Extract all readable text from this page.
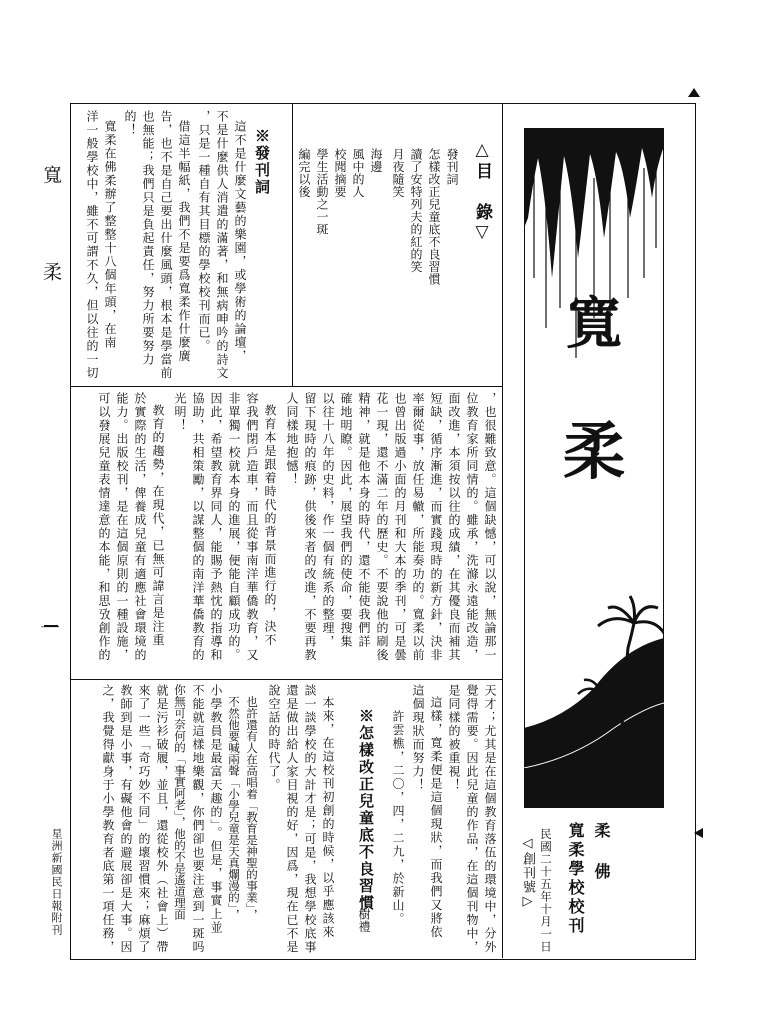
寬 柔
一
星洲新國民日報附刊
寬
柔
柔 佛
寬柔學校校刊
民國二十五年十月一日
◁創刊號▷
△目 錄▽
發刊詞
怎樣改正兒童底不良習慣
讀了安特列夫的紅的笑
月夜隨笑
海邊
風中的人
校聞摘要
學生活動之一斑
編完以後
※發刊詞
這不是什麼文藝的樂園，或學術的論壇，
不是什麼供人消遣的滿著，和無病呻吟的詩文
，只是一種自有其目標的學校校刊而已。
借這半幅紙，我們不是要爲寬柔作什麼廣
告，也不是自己要出什麼風頭，根本是學當前
也無能；我們只是負起責任，努力所要努力
的！
寬柔在佛柔辦了整整十八個年頭，在南
洋一般學校中，雖不可謂不久，但以往的一切
，也很難致意。這個缺憾，可以說，無論那一
位教育家所同情的。雖承，洗滌永遠能改造，
面改進，本須按以往的成績，在其優良而補其
短缺，循序漸進，而實踐現時的新方針，決非
率爾從事，放任易轍，所能奏功的。寬柔以前
也曾出版過小面的月刊和大本的季刊，可是曇
花一現，還不滿二年的歷史。不要說他的刷後
精神，就是他本身的時代，還不能使我們詳
確地明瞭。因此，展望我們的使命，要搜集
以往十八年的史料，作一個有統系的整理，
留下現時的痕跡，供後來者的改進，不要再教
人同樣地抱憾！
教育本是跟着時代的背景而進行的，決不
容我們閉戶造車，而且從事南洋華僑教育，又
非單獨一校就本身的進展，便能自顧成功的。
因此，希望教育界同人，能賜予熱忱的指導和
協助，共相策勵，以謀整個的南洋華僑教育的
光明！
教育的趨勢，在現代，已無可諱言是注重
於實際的生活，俾養成兒童有適應社會環境的
能力。出版校刊，是在這個原則的一種設施，
可以發展兒童表情達意的本能，和思攷創作的
天才；尤其是在這個教育落伍的環境中，分外
覺得需要。因此兒童的作品，在這個刊物中，
是同樣的被重視！
這樣，寬柔便是這個現狀，而我們又將依
這個現狀而努力！
許雲樵，二〇，四，二九，於新山。
※怎樣改正兒童底不良習慣
樹禮
本來，在這校刊初創的時候，以乎應該來
談一談學校的大計才是；可是，我想學校底事
還是做出給人家目視的好，因爲，現在已不是
說空話的時代了。
也許還有人在高唱着「教育是神聖的事業」，
不然他要喊兩聲「小學兒童是天真爛漫的」，
小學教員是最富天趣的」。但是，事實上並
不能就這樣地樂觀，你們卻也要注意到一斑吗
你無可奈何的「事實阿老」，他的不是遙道理面
就是污衫破履，並且，還從校外（社會上）帶
來了一些「奇巧妙不同」的壞習慣來；麻煩了
教師到是小事，有礙他會的避展卻是大事。因
之，我覺得獻身于小學教育者底第一項任務，
